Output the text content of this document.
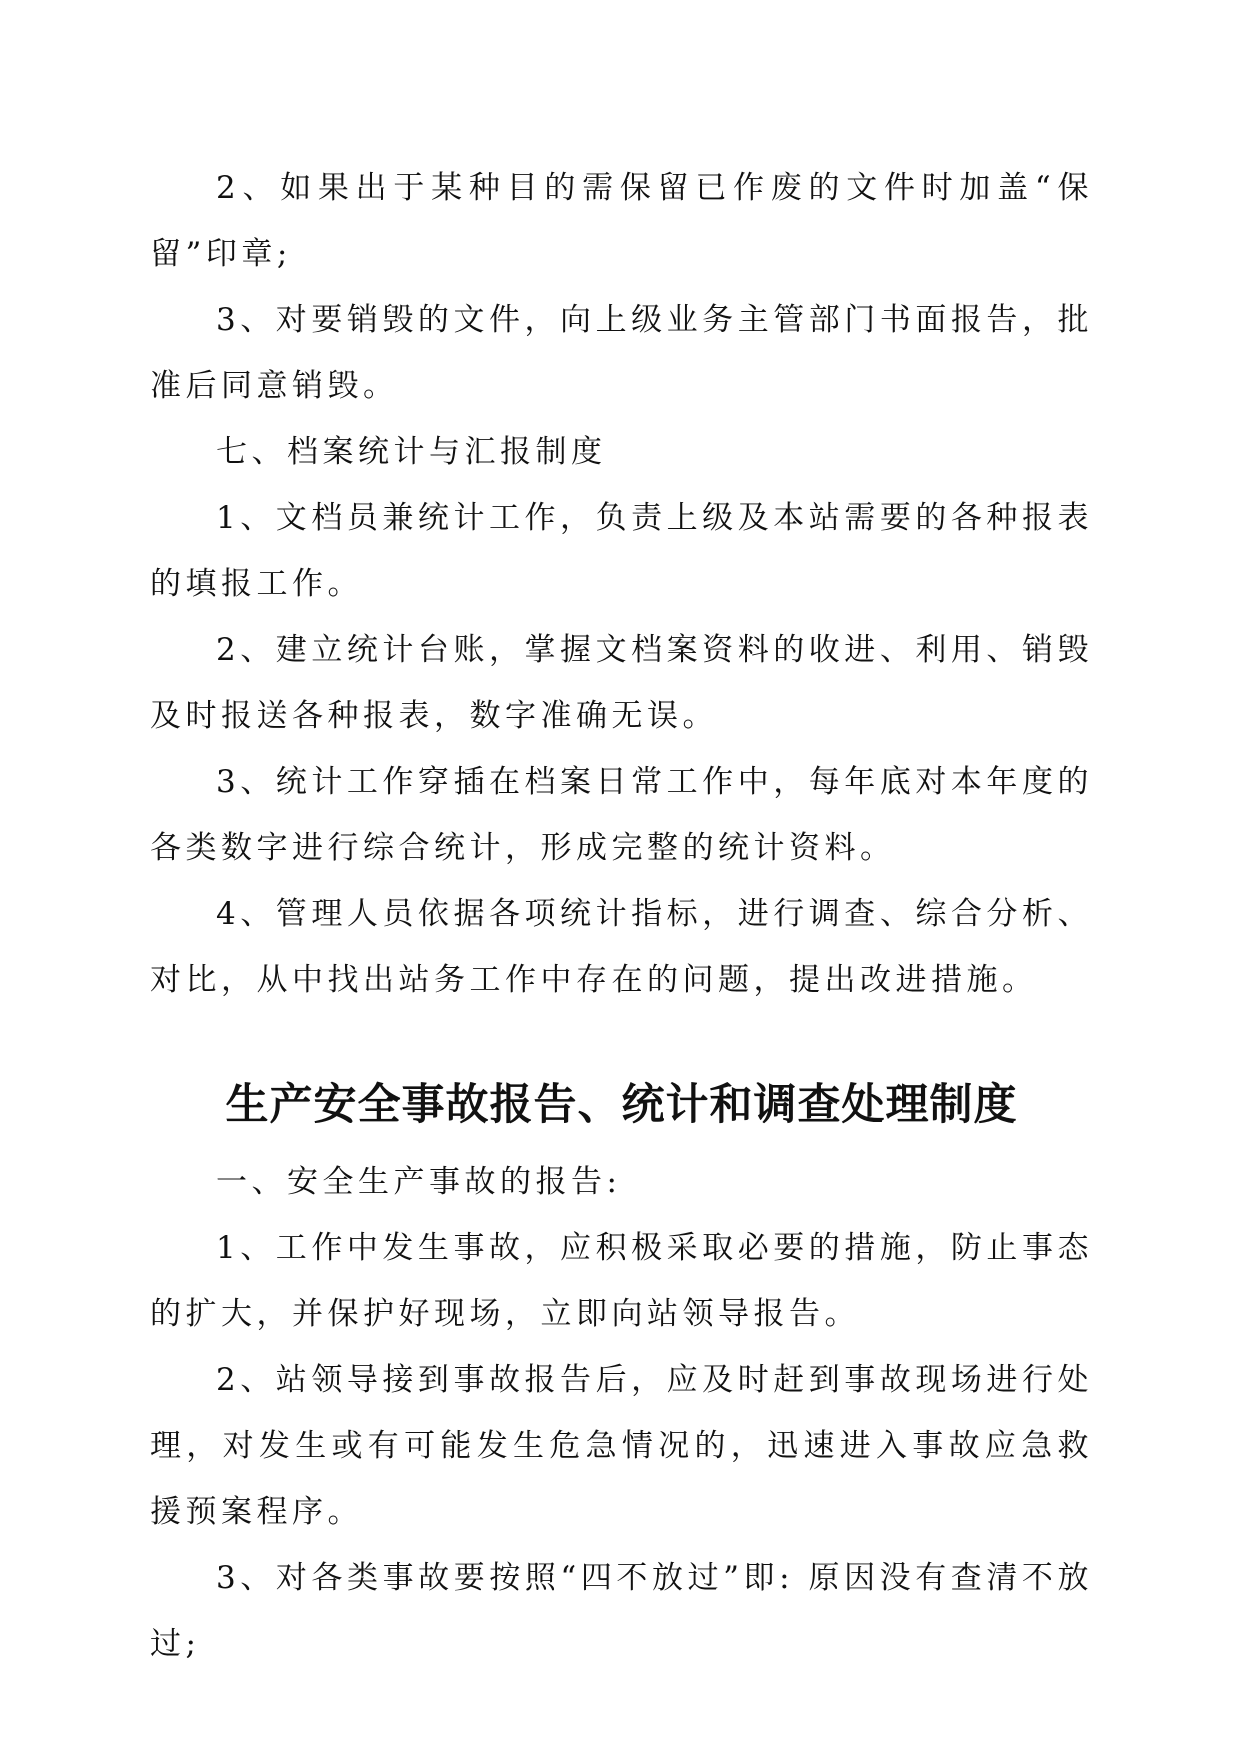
2、如果出于某种目的需保留已作废的文件时加盖“保留”印章;

3、对要销毁的文件，向上级业务主管部门书面报告，批准后同意销毁。

七、档案统计与汇报制度

1、文档员兼统计工作，负责上级及本站需要的各种报表的填报工作。

2、建立统计台账，掌握文档案资料的收进、利用、销毁及时报送各种报表，数字准确无误。

3、统计工作穿插在档案日常工作中，每年底对本年度的各类数字进行综合统计，形成完整的统计资料。

4、管理人员依据各项统计指标，进行调查、综合分析、对比，从中找出站务工作中存在的问题，提出改进措施。

生产安全事故报告、统计和调查处理制度

一、安全生产事故的报告:

1、工作中发生事故，应积极采取必要的措施，防止事态的扩大，并保护好现场，立即向站领导报告。

2、站领导接到事故报告后，应及时赶到事故现场进行处理，对发生或有可能发生危急情况的，迅速进入事故应急救援预案程序。

3、对各类事故要按照“四不放过”即: 原因没有查清不放过;
